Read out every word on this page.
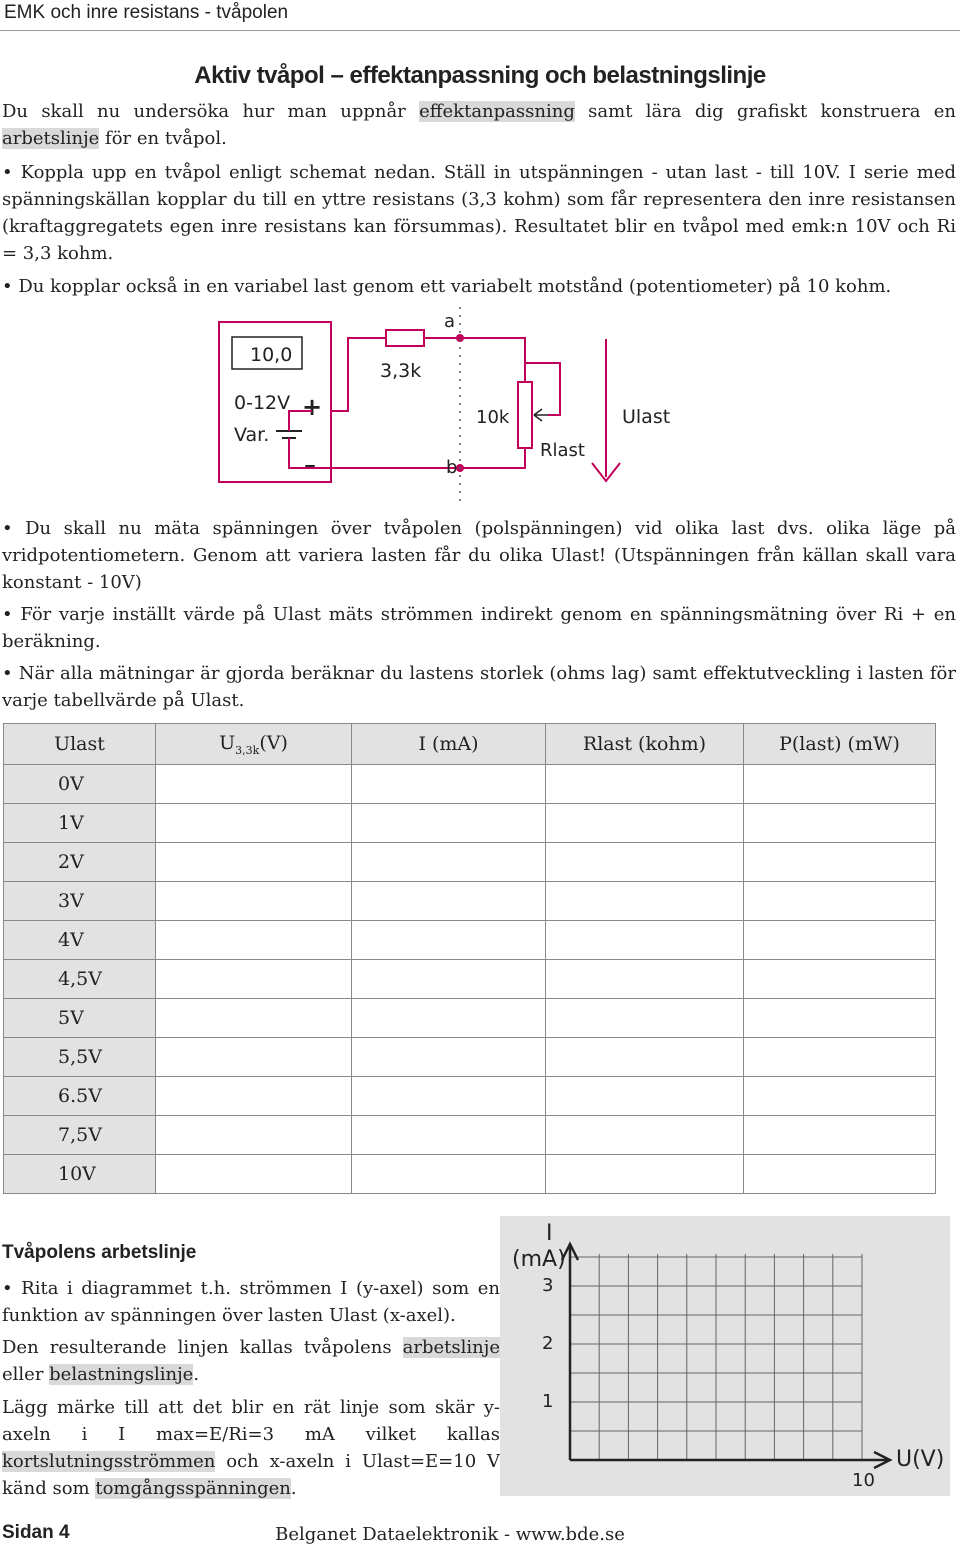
EMK och inre resistans - tvåpolen
Aktiv tvåpol – effektanpassning och belastningslinje
Du skall nu undersöka hur man uppnår effektanpassning samt lära dig grafiskt konstruera en arbetslinje för en tvåpol.
• Koppla upp en tvåpol enligt schemat nedan. Ställ in utspänningen - utan last - till 10V. I serie med spänningskällan kopplar du till en yttre resistans (3,3 kohm) som får representera den inre resistansen (kraftaggregatets egen inre resistans kan försummas). Resultatet blir en tvåpol med emk:n 10V och Ri = 3,3 kohm.
• Du kopplar också in en variabel last genom ett variabelt motstånd (potentiometer) på 10 kohm.
10,0
0-12V
Var.
+
–
3,3k
a
10k
Rlast
b
Ulast
• Du skall nu mäta spänningen över tvåpolen (polspänningen) vid olika last dvs. olika läge på vridpotentiometern. Genom att variera lasten får du olika Ulast! (Utspänningen från källan skall vara konstant - 10V)
• För varje inställt värde på Ulast mäts strömmen indirekt genom en spänningsmätning över Ri + en beräkning.
• När alla mätningar är gjorda beräknar du lastens storlek (ohms lag) samt effektutveckling i lasten för varje tabellvärde på Ulast.
Ulast	$U_{3,3k}(V)$	I (mA)	Rlast (kohm)	P(last) (mW)
0V				
1V				
2V				
3V				
4V				
4,5V				
5V				
5,5V				
6.5V				
7,5V				
10V				
Tvåpolens arbetslinje
• Rita i diagrammet t.h. strömmen I (y-axel) som en funktion av spänningen över lasten Ulast (x-axel).
Den resulterande linjen kallas tvåpolens arbetslinje eller belastningslinje.
Lägg märke till att det blir en rät linje som skär y-axeln i I max=E/Ri=3 mA vilket kallas kortslutningsströmmen och x-axeln i Ulast=E=10 V känd som tomgångsspänningen.
I
(mA)
3
2
1
10
U(V)
Sidan 4	Belganet Dataelektronik - www.bde.se
